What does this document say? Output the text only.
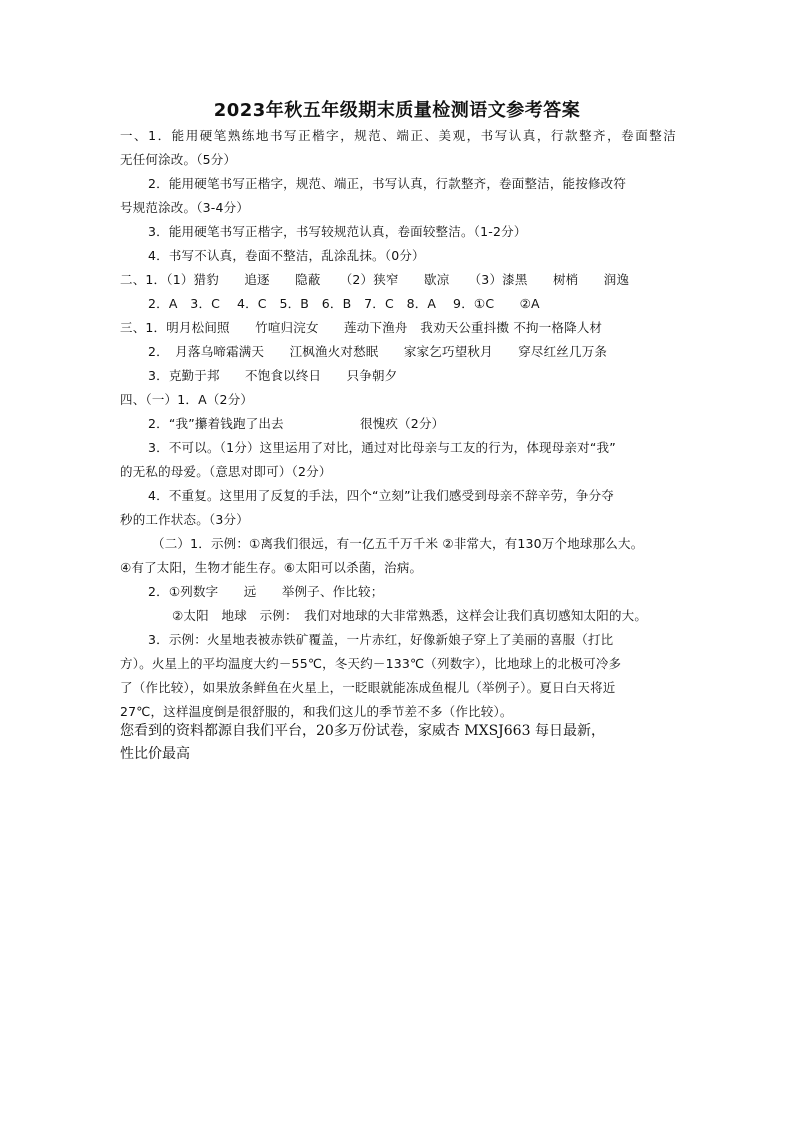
2023年秋五年级期末质量检测语文参考答案
一、1．能用硬笔熟练地书写正楷字，规范、端正、美观，书写认真，行款整齐，卷面整洁
无任何涂改。（5分）
2．能用硬笔书写正楷字，规范、端正，书写认真，行款整齐，卷面整洁，能按修改符
号规范涂改。（3-4分）
3．能用硬笔书写正楷字，书写较规范认真，卷面较整洁。（1-2分）
4．书写不认真，卷面不整洁，乱涂乱抹。（0分）
二、1．（1）猎豹　　追逐　　隐蔽　　（2）狭窄　　歇凉　　（3）漆黑　　树梢　　润逸
2．A　3．C　 4．C　5．B　6．B　7．C　8．A　 9．①C　　②A
三、1．明月松间照　　竹喧归浣女　　莲动下渔舟　我劝天公重抖擞 不拘一格降人材
2．　月落乌啼霜满天　　江枫渔火对愁眠　　家家乞巧望秋月　　穿尽红丝几万条
3．克勤于邦　　不饱食以终日　　只争朝夕
四、（一）1．A（2分）
2．“我”攥着钱跑了出去　　　　　　很愧疚（2分）
3．不可以。（1分）这里运用了对比，通过对比母亲与工友的行为，体现母亲对“我”
的无私的母爱。（意思对即可）（2分）
4．不重复。这里用了反复的手法，四个“立刻”让我们感受到母亲不辞辛劳，争分夺
秒的工作状态。（3分）
（二）1．示例：①离我们很远，有一亿五千万千米 ②非常大，有130万个地球那么大。
④有了太阳，生物才能生存。⑥太阳可以杀菌，治病。
2．①列数字　　远　　举例子、作比较；
②太阳　地球　示例：　我们对地球的大非常熟悉，这样会让我们真切感知太阳的大。
3．示例：火星地表被赤铁矿覆盖，一片赤红，好像新娘子穿上了美丽的喜服（打比
方）。火星上的平均温度大约－55℃，冬天约－133℃（列数字），比地球上的北极可冷多
了（作比较），如果放条鲜鱼在火星上，一眨眼就能冻成鱼棍儿（举例子）。夏日白天将近
27℃，这样温度倒是很舒服的，和我们这儿的季节差不多（作比较）。
您看到的资料都源自我们平台，20多万份试卷，家威杏 MXSJ663 每日最新，
性比价最高
